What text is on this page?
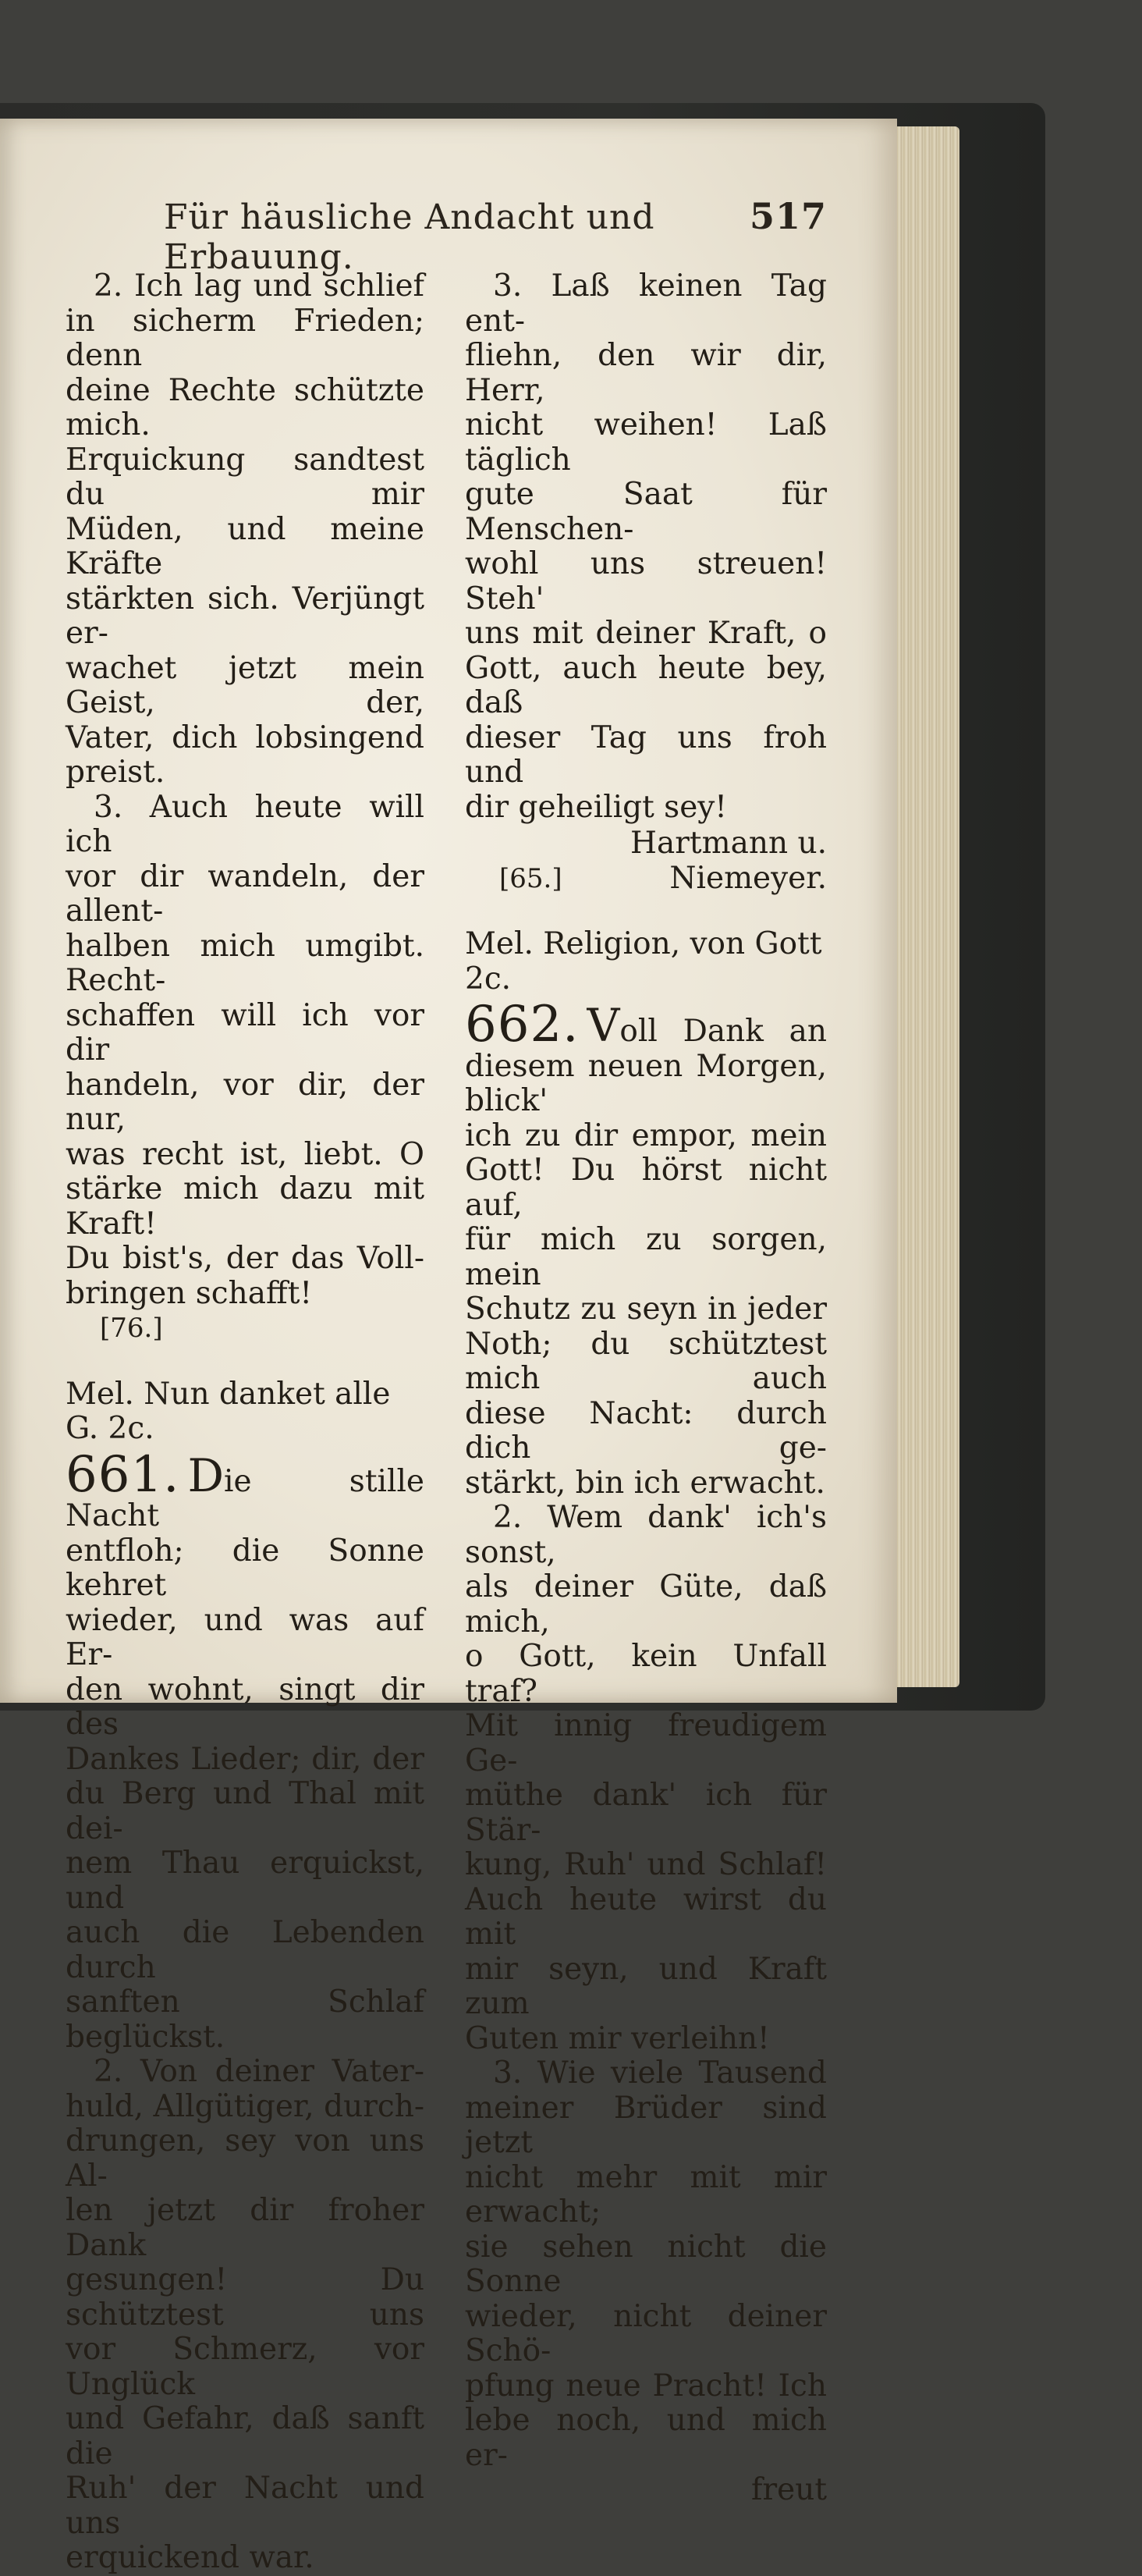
Für häusliche Andacht und Erbauung.
517

2. Ich lag und schlief

in sicherm Frieden; denn

deine Rechte schützte mich.

Erquickung sandtest du mir

Müden, und meine Kräfte

stärkten sich. Verjüngt er-

wachet jetzt mein Geist, der,

Vater, dich lobsingend preist.

3. Auch heute will ich

vor dir wandeln, der allent-

halben mich umgibt. Recht-

schaffen will ich vor dir

handeln, vor dir, der nur,

was recht ist, liebt. O

stärke mich dazu mit Kraft!

Du bist's, der das Voll-

bringen schafft!

[76.]

Mel. Nun danket alle G. 2c.

661. Die stille Nacht

entfloh; die Sonne kehret

wieder, und was auf Er-

den wohnt, singt dir des

Dankes Lieder; dir, der

du Berg und Thal mit dei-

nem Thau erquickst, und

auch die Lebenden durch

sanften Schlaf beglückst.

2. Von deiner Vater-

huld, Allgütiger, durch-

drungen, sey von uns Al-

len jetzt dir froher Dank

gesungen! Du schütztest uns

vor Schmerz, vor Unglück

und Gefahr, daß sanft die

Ruh' der Nacht und uns

erquickend war.

3. Laß keinen Tag ent-

fliehn, den wir dir, Herr,

nicht weihen! Laß täglich

gute Saat für Menschen-

wohl uns streuen! Steh'

uns mit deiner Kraft, o

Gott, auch heute bey, daß

dieser Tag uns froh und

dir geheiligt sey!

[65.]

Hartmann u.
Niemeyer.

Mel. Religion, von Gott 2c.

662. Voll Dank an

diesem neuen Morgen, blick'

ich zu dir empor, mein

Gott! Du hörst nicht auf,

für mich zu sorgen, mein

Schutz zu seyn in jeder

Noth; du schütztest mich auch

diese Nacht: durch dich ge-

stärkt, bin ich erwacht.

2. Wem dank' ich's sonst,

als deiner Güte, daß mich,

o Gott, kein Unfall traf?

Mit innig freudigem Ge-

müthe dank' ich für Stär-

kung, Ruh' und Schlaf!

Auch heute wirst du mit

mir seyn, und Kraft zum

Guten mir verleihn!

3. Wie viele Tausend

meiner Brüder sind jetzt

nicht mehr mit mir erwacht;

sie sehen nicht die Sonne

wieder, nicht deiner Schö-

pfung neue Pracht! Ich

lebe noch, und mich er-

freut
